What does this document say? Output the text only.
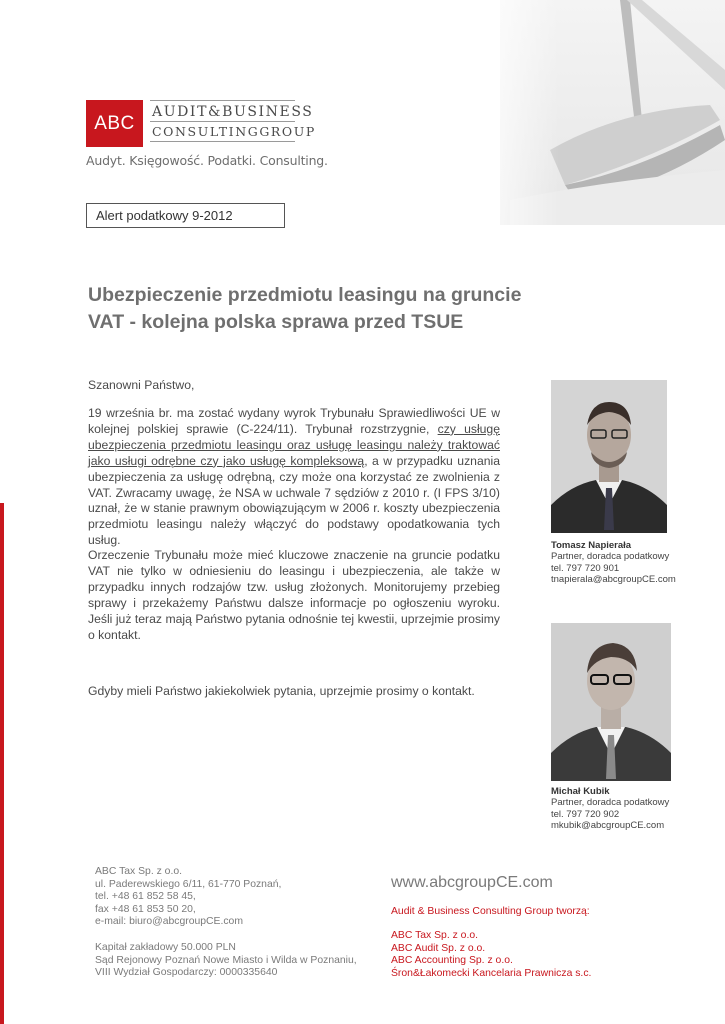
ABC
AUDIT&BUSINESS
CONSULTINGGROUP
Audyt. Księgowość. Podatki. Consulting.
Alert podatkowy 9-2012
Ubezpieczenie przedmiotu leasingu na gruncie
VAT - kolejna polska sprawa przed TSUE
Szanowni Państwo,
19 września br. ma zostać wydany wyrok Trybunału Sprawiedliwości UE w kolejnej polskiej sprawie (C-224/11). Trybunał rozstrzygnie, czy usługę ubezpieczenia przedmiotu leasingu oraz usługę leasingu należy traktować jako usługi odrębne czy jako usługę kompleksową, a w przypadku uznania ubezpieczenia za usługę odrębną, czy może ona korzystać ze zwolnienia z VAT. Zwracamy uwagę, że NSA w uchwale 7 sędziów z 2010 r. (I FPS 3/10) uznał, że w stanie prawnym obowiązującym w 2006 r. koszty ubezpieczenia przedmiotu leasingu należy włączyć do podstawy opodatkowania tych usług.
Orzeczenie Trybunału może mieć kluczowe znaczenie na gruncie podatku VAT nie tylko w odniesieniu do leasingu i ubezpieczenia, ale także w przypadku innych rodzajów tzw. usług złożonych. Monitorujemy przebieg sprawy i przekażemy Państwu dalsze informacje po ogłoszeniu wyroku. Jeśli już teraz mają Państwo pytania odnośnie tej kwestii, uprzejmie prosimy o kontakt.
Gdyby mieli Państwo jakiekolwiek pytania, uprzejmie prosimy o kontakt.
Tomasz Napierała
Partner, doradca podatkowy
tel. 797 720 901
tnapierala@abcgroupCE.com
Michał Kubik
Partner, doradca podatkowy
tel. 797 720 902
mkubik@abcgroupCE.com
ABC Tax Sp. z o.o.
ul. Paderewskiego 6/11, 61-770 Poznań,
tel. +48 61 852 58 45,
fax +48 61 853 50 20,
e-mail: biuro@abcgroupCE.com
Kapitał zakładowy 50.000 PLN
Sąd Rejonowy Poznań Nowe Miasto i Wilda w Poznaniu,
VIII Wydział Gospodarczy: 0000335640
www.abcgroupCE.com
Audit & Business Consulting Group tworzą:
ABC Tax Sp. z o.o.
ABC Audit Sp. z o.o.
ABC Accounting Sp. z o.o.
Śron&Łakomecki Kancelaria Prawnicza s.c.
